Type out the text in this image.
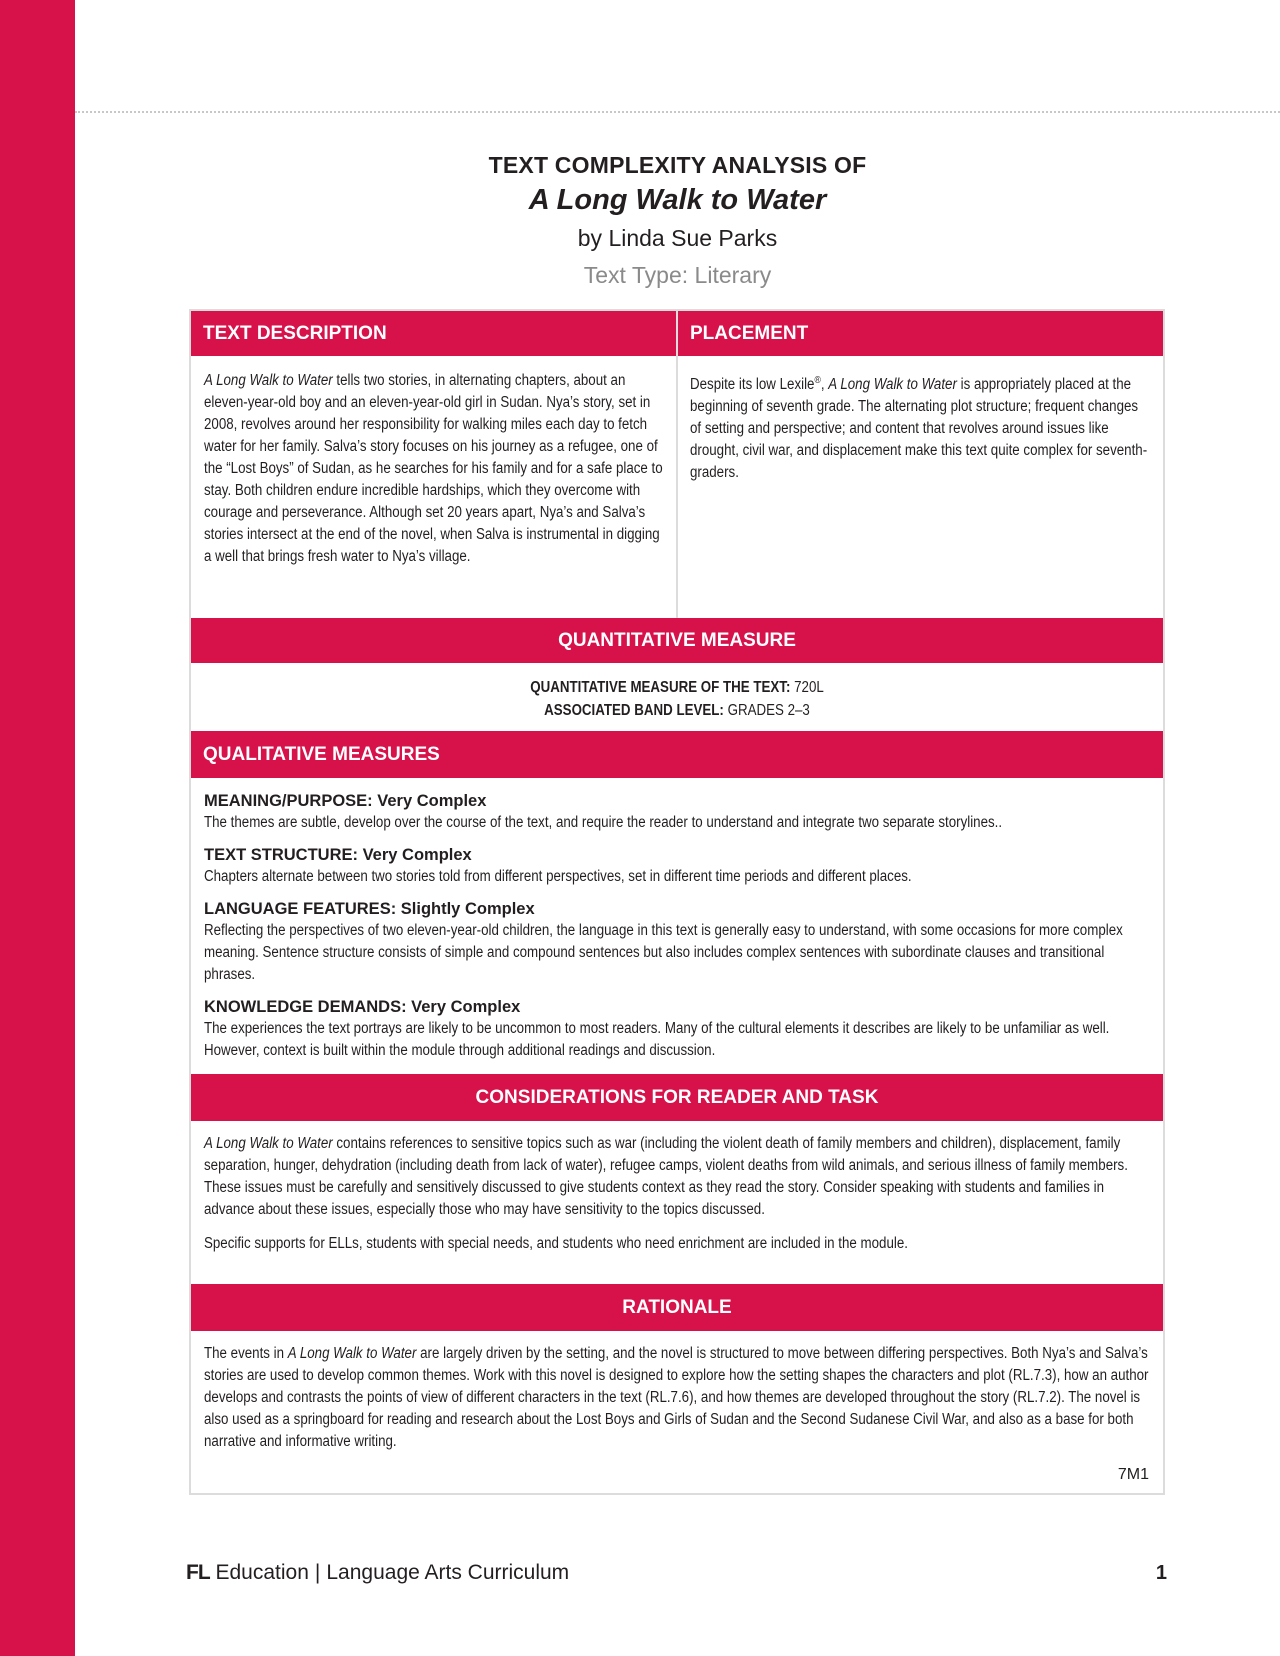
TEXT COMPLEXITY ANALYSIS OF
A Long Walk to Water
by Linda Sue Parks
Text Type: Literary
TEXT DESCRIPTION	PLACEMENT
A Long Walk to Water tells two stories, in alternating chapters, about an eleven-year-old boy and an eleven-year-old girl in Sudan. Nya’s story, set in 2008, revolves around her responsibility for walking miles each day to fetch water for her family. Salva’s story focuses on his journey as a refugee, one of the “Lost Boys” of Sudan, as he searches for his family and for a safe place to stay. Both children endure incredible hardships, which they overcome with courage and perseverance. Although set 20 years apart, Nya’s and Salva’s stories intersect at the end of the novel, when Salva is instrumental in digging a well that brings fresh water to Nya’s village.
Despite its low Lexile®, A Long Walk to Water is appropriately placed at the beginning of seventh grade. The alternating plot structure; frequent changes of setting and perspective; and content that revolves around issues like drought, civil war, and displacement make this text quite complex for seventh-graders.
QUANTITATIVE MEASURE
QUANTITATIVE MEASURE OF THE TEXT: 720L
ASSOCIATED BAND LEVEL: GRADES 2–3
QUALITATIVE MEASURES
MEANING/PURPOSE: Very Complex
The themes are subtle, develop over the course of the text, and require the reader to understand and integrate two separate storylines..
TEXT STRUCTURE: Very Complex
Chapters alternate between two stories told from different perspectives, set in different time periods and different places.
LANGUAGE FEATURES: Slightly Complex
Reflecting the perspectives of two eleven-year-old children, the language in this text is generally easy to understand, with some occasions for more complex meaning. Sentence structure consists of simple and compound sentences but also includes complex sentences with subordinate clauses and transitional phrases.
KNOWLEDGE DEMANDS: Very Complex
The experiences the text portrays are likely to be uncommon to most readers. Many of the cultural elements it describes are likely to be unfamiliar as well. However, context is built within the module through additional readings and discussion.
CONSIDERATIONS FOR READER AND TASK
A Long Walk to Water contains references to sensitive topics such as war (including the violent death of family members and children), displacement, family separation, hunger, dehydration (including death from lack of water), refugee camps, violent deaths from wild animals, and serious illness of family members. These issues must be carefully and sensitively discussed to give students context as they read the story. Consider speaking with students and families in advance about these issues, especially those who may have sensitivity to the topics discussed.
Specific supports for ELLs, students with special needs, and students who need enrichment are included in the module.
RATIONALE
The events in A Long Walk to Water are largely driven by the setting, and the novel is structured to move between differing perspectives. Both Nya’s and Salva’s stories are used to develop common themes. Work with this novel is designed to explore how the setting shapes the characters and plot (RL.7.3), how an author develops and contrasts the points of view of different characters in the text (RL.7.6), and how themes are developed throughout the story (RL.7.2). The novel is also used as a springboard for reading and research about the Lost Boys and Girls of Sudan and the Second Sudanese Civil War, and also as a base for both narrative and informative writing.
7M1
FL Education | Language Arts Curriculum	1
